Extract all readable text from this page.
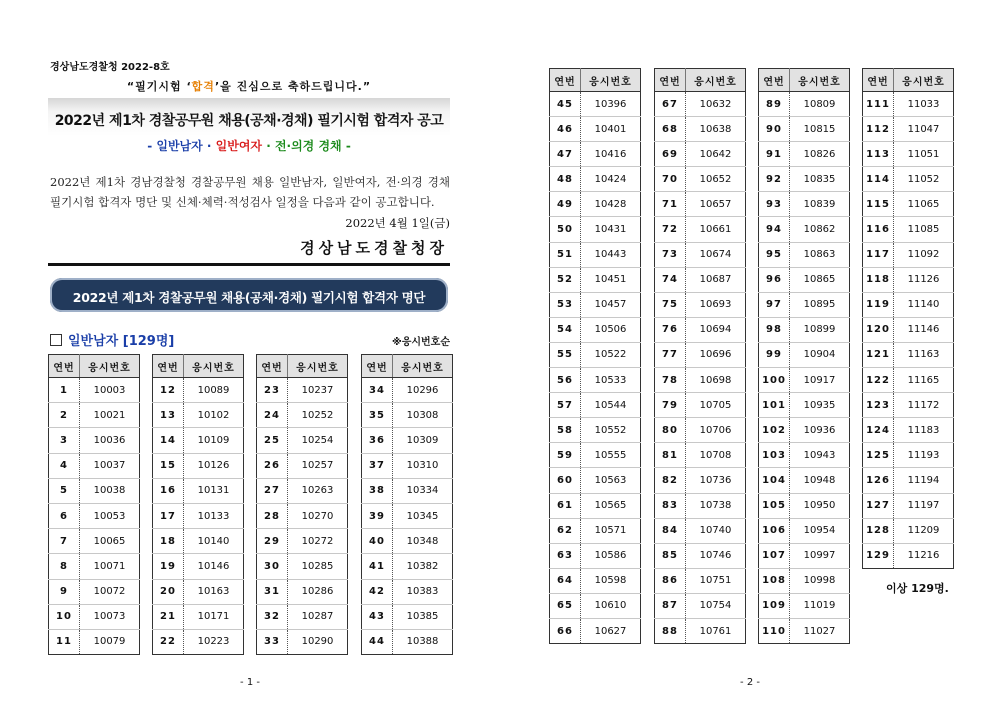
경상남도경찰청 2022-8호
“필기시험 ‘합격’을 진심으로 축하드립니다.”
2022년 제1차 경찰공무원 채용(공채·경채) 필기시험 합격자 공고
- 일반남자 · 일반여자 · 전·의경 경채 -
2022년 제1차 경남경찰청 경찰공무원 채용 일반남자, 일반여자, 전·의경 경채 필기시험 합격자 명단 및 신체·체력·적성검사 일정을 다음과 같이 공고합니다.
2022년 4월 1일(금)
경상남도경찰청장
2022년 제1차 경찰공무원 채용(공채·경채) 필기시험 합격자 명단
일반남자 [129명]	※응시번호순
- 1 -	- 2 -
이상 129명.
연번	응시번호
1	10003
2	10021
3	10036
4	10037
5	10038
6	10053
7	10065
8	10071
9	10072
10	10073
11	10079
연번	응시번호
12	10089
13	10102
14	10109
15	10126
16	10131
17	10133
18	10140
19	10146
20	10163
21	10171
22	10223
연번	응시번호
23	10237
24	10252
25	10254
26	10257
27	10263
28	10270
29	10272
30	10285
31	10286
32	10287
33	10290
연번	응시번호
34	10296
35	10308
36	10309
37	10310
38	10334
39	10345
40	10348
41	10382
42	10383
43	10385
44	10388
연번	응시번호
45	10396
46	10401
47	10416
48	10424
49	10428
50	10431
51	10443
52	10451
53	10457
54	10506
55	10522
56	10533
57	10544
58	10552
59	10555
60	10563
61	10565
62	10571
63	10586
64	10598
65	10610
66	10627
연번	응시번호
67	10632
68	10638
69	10642
70	10652
71	10657
72	10661
73	10674
74	10687
75	10693
76	10694
77	10696
78	10698
79	10705
80	10706
81	10708
82	10736
83	10738
84	10740
85	10746
86	10751
87	10754
88	10761
연번	응시번호
89	10809
90	10815
91	10826
92	10835
93	10839
94	10862
95	10863
96	10865
97	10895
98	10899
99	10904
100	10917
101	10935
102	10936
103	10943
104	10948
105	10950
106	10954
107	10997
108	10998
109	11019
110	11027
연번	응시번호
111	11033
112	11047
113	11051
114	11052
115	11065
116	11085
117	11092
118	11126
119	11140
120	11146
121	11163
122	11165
123	11172
124	11183
125	11193
126	11194
127	11197
128	11209
129	11216
